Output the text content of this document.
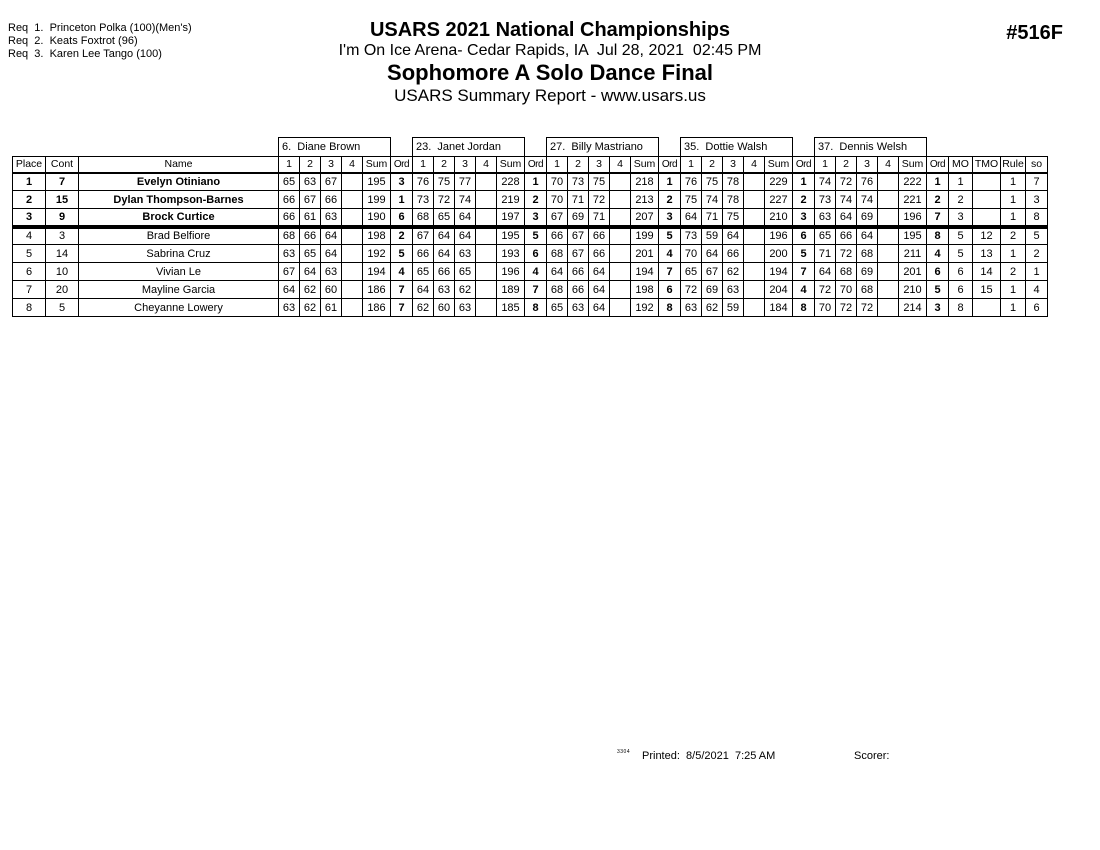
Req  1.  Princeton Polka (100)(Men's)
Req  2.  Keats Foxtrot (96)
Req  3.  Karen Lee Tango (100)
USARS 2021 National Championships
I'm On Ice Arena- Cedar Rapids, IA  Jul 28, 2021  02:45 PM
Sophomore A Solo Dance Final
USARS Summary Report - www.usars.us
#516F
			6.  Diane Brown						23.  Janet Jordan						27.  Billy Mastriano						35.  Dottie Walsh						37.  Dennis Welsh									
Place	Cont	Name	1	2	3	4	Sum	Ord	1	2	3	4	Sum	Ord	1	2	3	4	Sum	Ord	1	2	3	4	Sum	Ord	1	2	3	4	Sum	Ord	MO	TMO	Rule	so
1	7	Evelyn Otiniano	65	63	67		195	3	76	75	77		228	1	70	73	75		218	1	76	75	78		229	1	74	72	76		222	1	1		1	7
2	15	Dylan Thompson-Barnes	66	67	66		199	1	73	72	74		219	2	70	71	72		213	2	75	74	78		227	2	73	74	74		221	2	2		1	3
3	9	Brock Curtice	66	61	63		190	6	68	65	64		197	3	67	69	71		207	3	64	71	75		210	3	63	64	69		196	7	3		1	8
4	3	Brad Belfiore	68	66	64		198	2	67	64	64		195	5	66	67	66		199	5	73	59	64		196	6	65	66	64		195	8	5	12	2	5
5	14	Sabrina Cruz	63	65	64		192	5	66	64	63		193	6	68	67	66		201	4	70	64	66		200	5	71	72	68		211	4	5	13	1	2
6	10	Vivian Le	67	64	63		194	4	65	66	65		196	4	64	66	64		194	7	65	67	62		194	7	64	68	69		201	6	6	14	2	1
7	20	Mayline Garcia	64	62	60		186	7	64	63	62		189	7	68	66	64		198	6	72	69	63		204	4	72	70	68		210	5	6	15	1	4
8	5	Cheyanne Lowery	63	62	61		186	7	62	60	63		185	8	65	63	64		192	8	63	62	59		184	8	70	72	72		214	3	8		1	6
3304 Printed:  8/5/2021  7:25 AM	Scorer:
